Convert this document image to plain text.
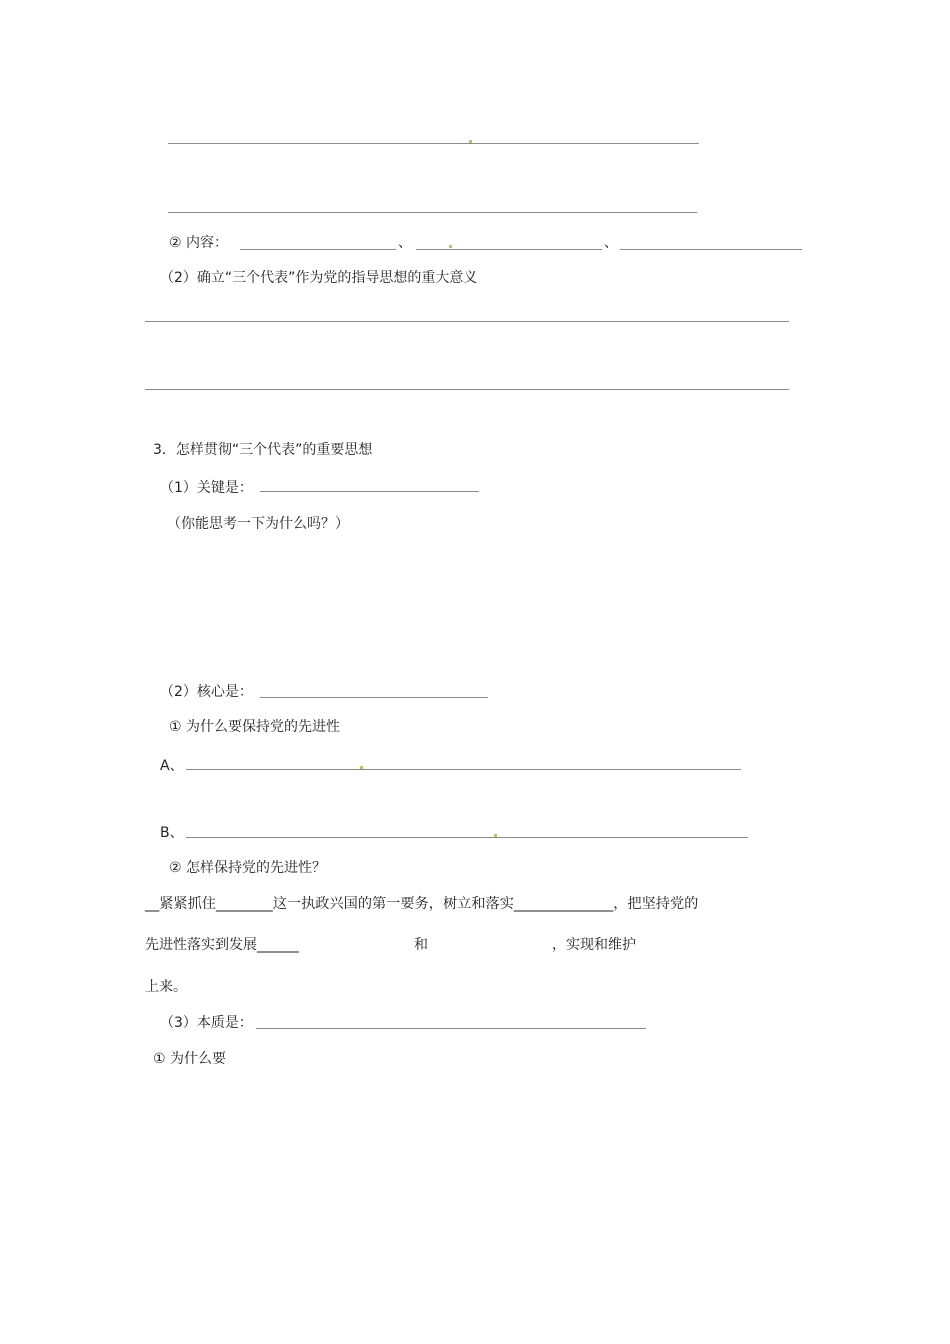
② 内容：	、	、
（2）确立“三个代表”作为党的指导思想的重大意义
3．怎样贯彻“三个代表”的重要思想
（1）关键是：
（你能思考一下为什么吗？）
（2）核心是：
① 为什么要保持党的先进性
A、
B、
② 怎样保持党的先进性？
__紧紧抓住________这一执政兴国的第一要务，树立和落实______________，把坚持党的
先进性落实到发展______	和	，实现和维护
上来。
（3）本质是：
① 为什么要
